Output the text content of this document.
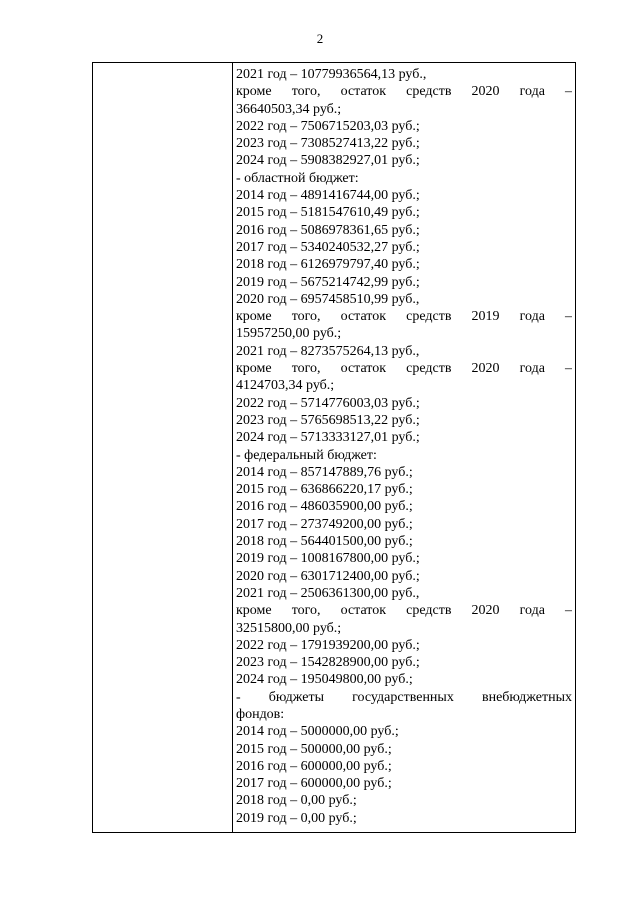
2
2021 год – 10779936564,13 руб.,
кроме того, остаток средств 2020 года –
36640503,34 руб.;
2022 год – 7506715203,03 руб.;
2023 год – 7308527413,22 руб.;
2024 год – 5908382927,01 руб.;
- областной бюджет:
2014 год – 4891416744,00 руб.;
2015 год – 5181547610,49 руб.;
2016 год – 5086978361,65 руб.;
2017 год – 5340240532,27 руб.;
2018 год – 6126979797,40 руб.;
2019 год – 5675214742,99 руб.;
2020 год – 6957458510,99 руб.,
кроме того, остаток средств 2019 года –
15957250,00 руб.;
2021 год – 8273575264,13 руб.,
кроме того, остаток средств 2020 года –
4124703,34 руб.;
2022 год – 5714776003,03 руб.;
2023 год – 5765698513,22 руб.;
2024 год – 5713333127,01 руб.;
- федеральный бюджет:
2014 год – 857147889,76 руб.;
2015 год – 636866220,17 руб.;
2016 год – 486035900,00 руб.;
2017 год – 273749200,00 руб.;
2018 год – 564401500,00 руб.;
2019 год – 1008167800,00 руб.;
2020 год – 6301712400,00 руб.;
2021 год – 2506361300,00 руб.,
кроме того, остаток средств 2020 года –
32515800,00 руб.;
2022 год – 1791939200,00 руб.;
2023 год – 1542828900,00 руб.;
2024 год – 195049800,00 руб.;
- бюджеты государственных внебюджетных
фондов:
2014 год – 5000000,00 руб.;
2015 год – 500000,00 руб.;
2016 год – 600000,00 руб.;
2017 год – 600000,00 руб.;
2018 год – 0,00 руб.;
2019 год – 0,00 руб.;
